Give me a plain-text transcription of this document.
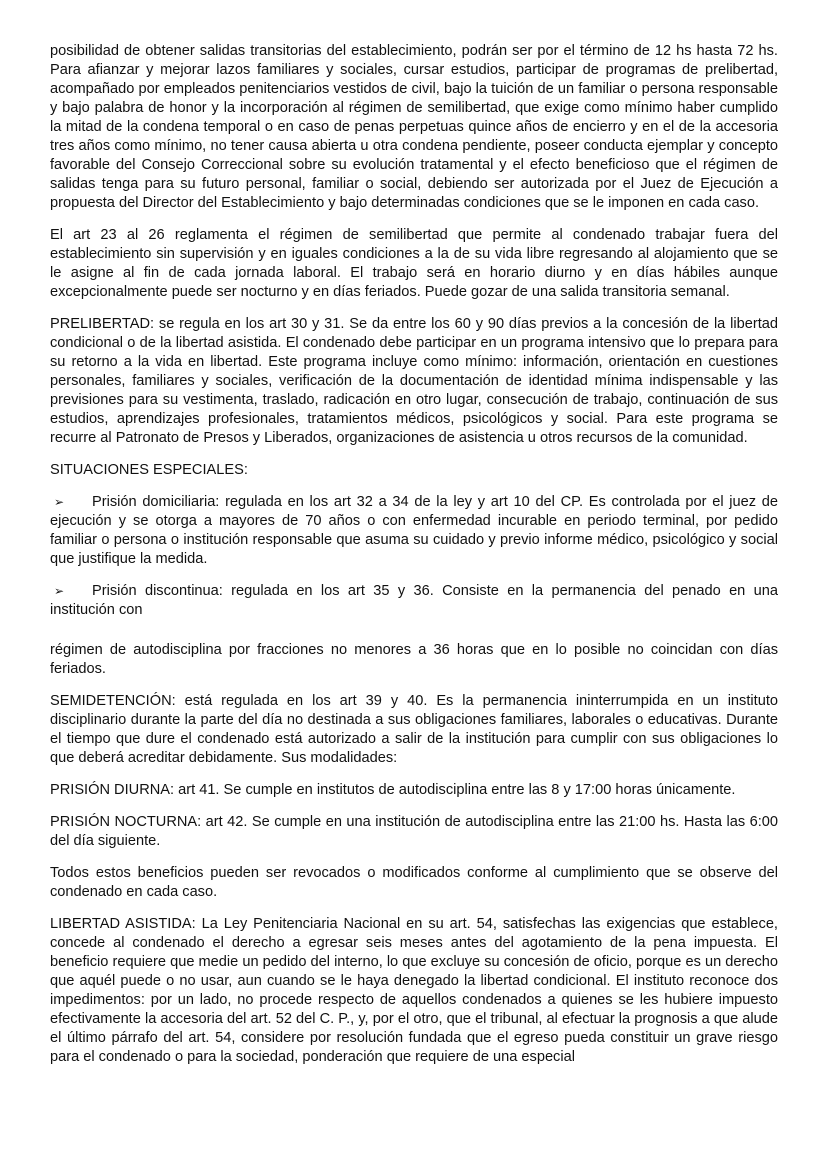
posibilidad de obtener salidas transitorias del establecimiento, podrán ser por el término de 12 hs hasta 72 hs. Para afianzar y mejorar lazos familiares y sociales, cursar estudios, participar de programas de prelibertad, acompañado por empleados penitenciarios vestidos de civil, bajo la tuición de un familiar o persona responsable y bajo palabra de honor y la incorporación al régimen de semilibertad, que exige como mínimo haber cumplido la mitad de la condena temporal o en caso de penas perpetuas quince años de encierro y en el de la accesoria tres años como mínimo, no tener causa abierta u otra condena pendiente, poseer conducta ejemplar y concepto favorable del Consejo Correccional sobre su evolución tratamental y el efecto beneficioso que el régimen de salidas tenga para su futuro personal, familiar o social, debiendo ser autorizada por el Juez de Ejecución a propuesta del Director del Establecimiento y bajo determinadas condiciones que se le imponen en cada caso.

El art 23 al 26 reglamenta el régimen de semilibertad que permite al condenado trabajar fuera del establecimiento sin supervisión y en iguales condiciones a la de su vida libre regresando al alojamiento que se le asigne al fin de cada jornada laboral. El trabajo será en horario diurno y en días hábiles aunque excepcionalmente puede ser nocturno y en días feriados. Puede gozar de una salida transitoria semanal.

PRELIBERTAD: se regula en los art 30 y 31. Se da entre los 60 y 90 días previos a la concesión de la libertad condicional o de la libertad asistida. El condenado debe participar en un programa intensivo que lo prepara para su retorno a la vida en libertad. Este programa incluye como mínimo: información, orientación en cuestiones personales, familiares y sociales, verificación de la documentación de identidad mínima indispensable y las previsiones para su vestimenta, traslado, radicación en otro lugar, consecución de trabajo, continuación de sus estudios, aprendizajes profesionales, tratamientos médicos, psicológicos y social. Para este programa se recurre al Patronato de Presos y Liberados, organizaciones de asistencia u otros recursos de la comunidad.

SITUACIONES ESPECIALES:

➢ Prisión domiciliaria: regulada en los art 32 a 34 de la ley y art 10 del CP. Es controlada por el juez de ejecución y se otorga a mayores de 70 años o con enfermedad incurable en periodo terminal, por pedido familiar o persona o institución responsable que asuma su cuidado y previo informe médico, psicológico y social que justifique la medida.

➢ Prisión discontinua: regulada en los art 35 y 36. Consiste en la permanencia del penado en una institución con

régimen de autodisciplina por fracciones no menores a 36 horas que en lo posible no coincidan con días feriados.

SEMIDETENCIÓN: está regulada en los art 39 y 40. Es la permanencia ininterrumpida en un instituto disciplinario durante la parte del día no destinada a sus obligaciones familiares, laborales o educativas. Durante el tiempo que dure el condenado está autorizado a salir de la institución para cumplir con sus obligaciones lo que deberá acreditar debidamente. Sus modalidades:

PRISIÓN DIURNA: art 41. Se cumple en institutos de autodisciplina entre las 8 y 17:00 horas únicamente.

PRISIÓN NOCTURNA: art 42. Se cumple en una institución de autodisciplina entre las 21:00 hs. Hasta las 6:00 del día siguiente.

Todos estos beneficios pueden ser revocados o modificados conforme al cumplimiento que se observe del condenado en cada caso.

LIBERTAD ASISTIDA: La Ley Penitenciaria Nacional en su art. 54, satisfechas las exigencias que establece, concede al condenado el derecho a egresar seis meses antes del agotamiento de la pena impuesta. El beneficio requiere que medie un pedido del interno, lo que excluye su concesión de oficio, porque es un derecho que aquél puede o no usar, aun cuando se le haya denegado la libertad condicional. El instituto reconoce dos impedimentos: por un lado, no procede respecto de aquellos condenados a quienes se les hubiere impuesto efectivamente la accesoria del art. 52 del C. P., y, por el otro, que el tribunal, al efectuar la prognosis a que alude el último párrafo del art. 54, considere por resolución fundada que el egreso pueda constituir un grave riesgo para el condenado o para la sociedad, ponderación que requiere de una especial
